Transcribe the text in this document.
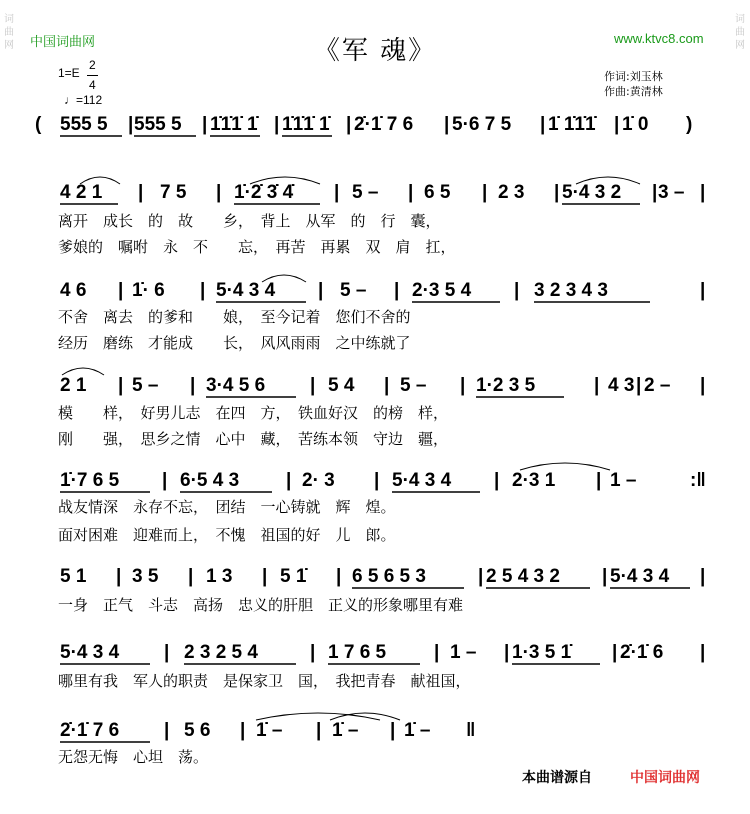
词
曲
网
词
曲
网
中国词曲网	www.ktvc8.com
《军 魂》
1=E
2
4
♩=112
作词:刘玉林
作曲:黄清林
( 555 5 | 555 5 | 1̇1̇1̇ 1̇ | 1̇1̇1̇ 1̇ | 2̇·1̇ 7 6 | 5·6 7 5 | 1̇ 1̇1̇1̇ | 1̇ 0 )
4 2 1 | 7 5 | 1̇·2̇ 3̇ 4̇ | 5 – | 6 5 | 2 3 | 5·4 3 2 | 3 – |
4 6 | 1̇· 6 | 5·4 3 4 | 5 – | 2·3 5 4 | 3 2 3 4 3	|
2 1 | 5 – | 3·4 5 6 | 5 4 | 5 – | 1·2 3 5	| 4 3 | 2 – |
1̇·7 6 5 | 6·5 4 3 | 2· 3 | 5·4 3 4 | 2·3 1 | 1 –	:‖
5 1 | 3 5 | 1 3 | 5 1̇ | 6 5 6 5 3	| 2 5 4 3 2 | 5·4 3 4 |
5·4 3 4 | 2 3 2 5 4	| 1 7 6 5	| 1 – | 1·3 5 1̇ | 2̇·1̇ 6 |
2̇·1̇ 7 6 | 5 6 | 1̇ – | 1̇ – | 1̇ – ‖
离开　成长　的　故　　乡，　背上　从军　的　行　囊，
爹娘的　嘱咐　永　不　　忘，　再苦　再累　双　肩　扛，
不舍　离去　的爹和　　娘，　至今记着　您们不舍的
经历　磨练　才能成　　长，　风风雨雨　之中练就了
模　　样，　好男儿志　在四　方，　铁血好汉　的榜　样，
刚　　强，　思乡之情　心中　藏，　苦练本领　守边　疆，
战友情深　永存不忘，　团结　一心铸就　辉　煌。
面对困难　迎难而上，　不愧　祖国的好　儿　郎。
一身　正气　斗志　高扬　忠义的肝胆　正义的形象哪里有难
哪里有我　军人的职责　是保家卫　国，　我把青春　献祖国，
无怨无悔　心坦　荡。
本曲谱源自	中国词曲网
